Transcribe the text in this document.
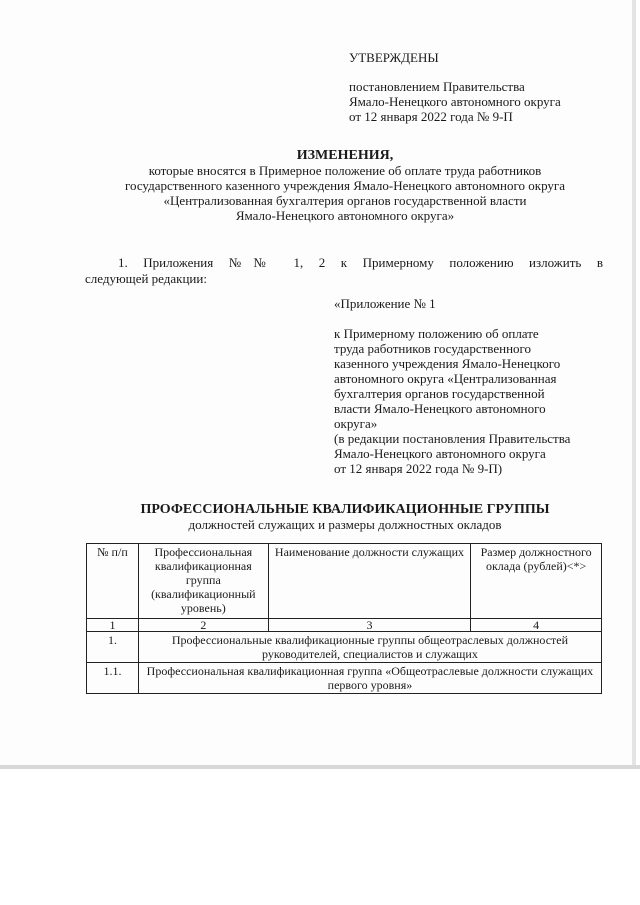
УТВЕРЖДЕНЫ
постановлением Правительства
Ямало-Ненецкого автономного округа
от 12 января 2022 года № 9-П
ИЗМЕНЕНИЯ,
которые вносятся в Примерное положение об оплате труда работников
государственного казенного учреждения Ямало-Ненецкого автономного округа
«Централизованная бухгалтерия органов государственной власти
Ямало-Ненецкого автономного округа»
1. Приложения №№ 1, 2 к Примерному положению изложить в
следующей редакции:
«Приложение № 1
к Примерному положению об оплате
труда работников государственного
казенного учреждения Ямало-Ненецкого
автономного округа «Централизованная
бухгалтерия органов государственной
власти Ямало-Ненецкого автономного
округа»
(в редакции постановления Правительства
Ямало-Ненецкого автономного округа
от 12 января 2022 года № 9-П)
ПРОФЕССИОНАЛЬНЫЕ КВАЛИФИКАЦИОННЫЕ ГРУППЫ
должностей служащих и размеры должностных окладов
№ п/п	Профессиональная квалификационная группа (квалификационный уровень)	Наименование должности служащих	Размер должностного оклада (рублей)<*>
1	2	3	4
1.	Профессиональные квалификационные группы общеотраслевых должностей руководителей, специалистов и служащих		
1.1.	Профессиональная квалификационная группа «Общеотраслевые должности служащих первого уровня»		
